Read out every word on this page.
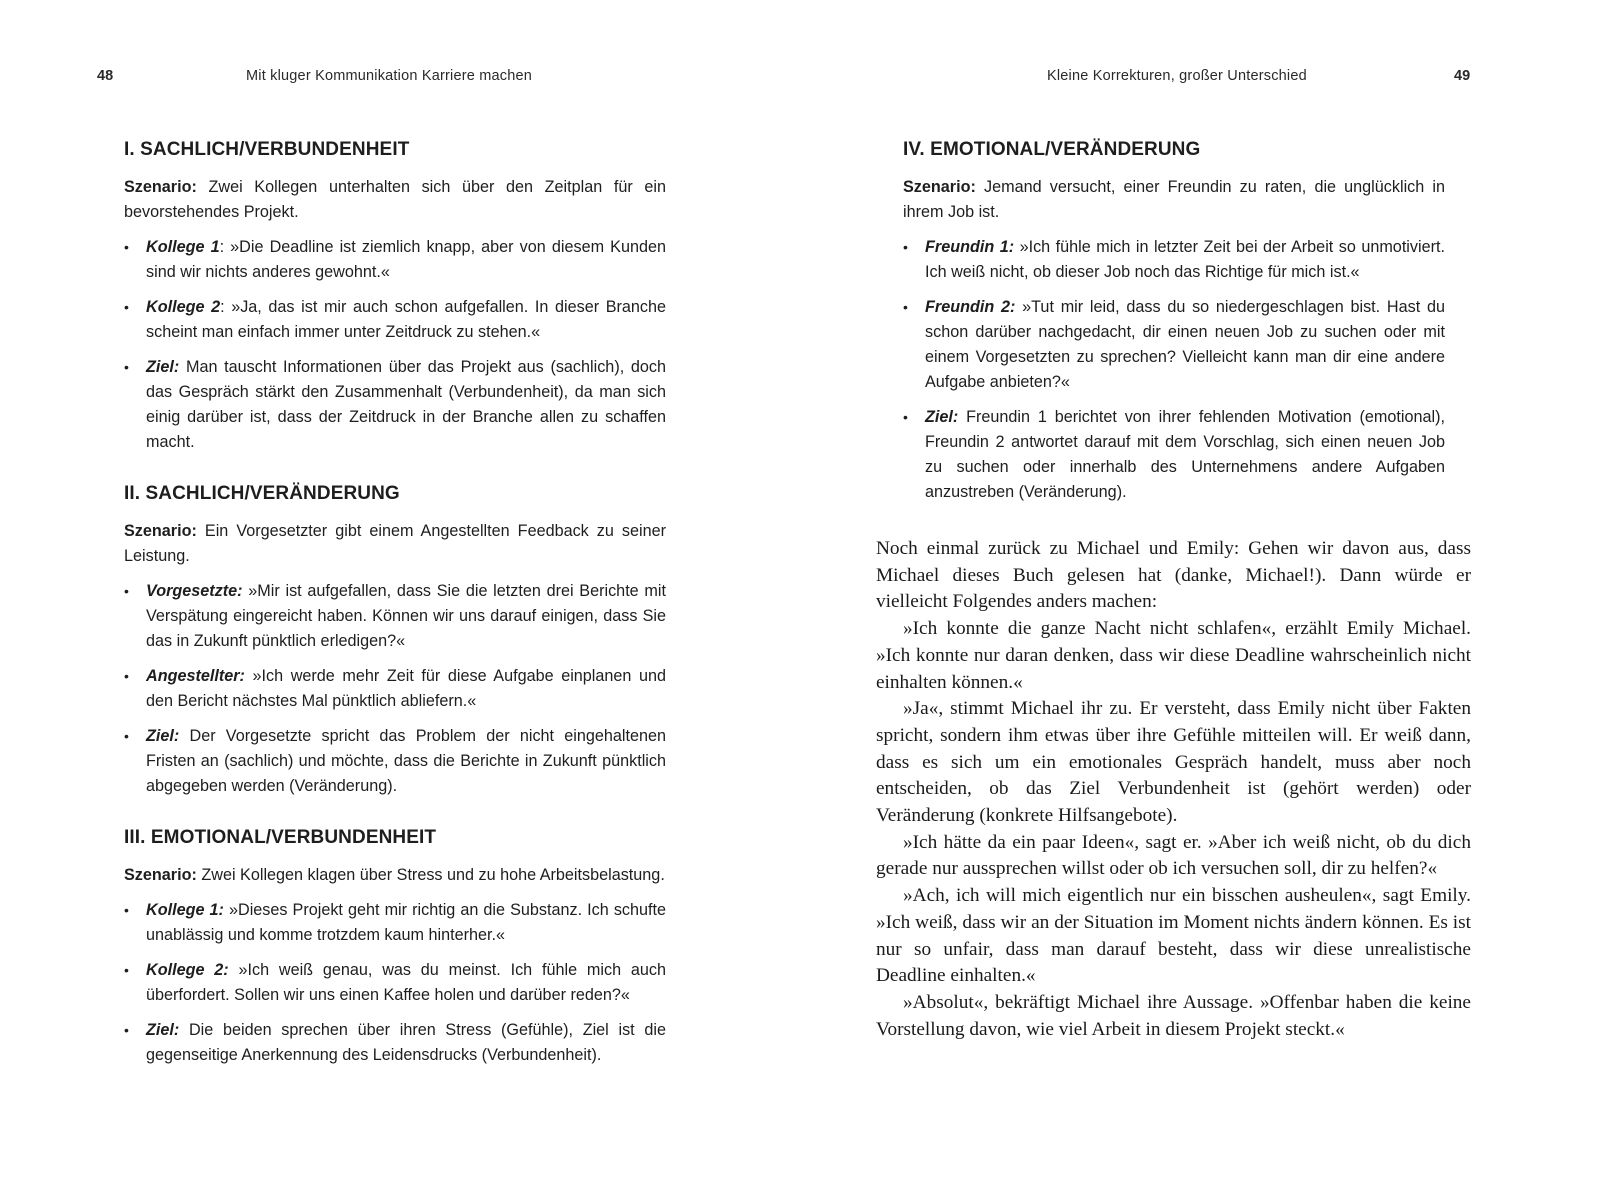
48	Mit kluger Kommunikation Karriere machen	Kleine Korrekturen, großer Unterschied	49
I. SACHLICH/VERBUNDENHEIT
Szenario: Zwei Kollegen unterhalten sich über den Zeitplan für ein bevorstehendes Projekt.
• Kollege 1: »Die Deadline ist ziemlich knapp, aber von diesem Kunden sind wir nichts anderes gewohnt.«
• Kollege 2: »Ja, das ist mir auch schon aufgefallen. In dieser Branche scheint man einfach immer unter Zeitdruck zu stehen.«
• Ziel: Man tauscht Informationen über das Projekt aus (sachlich), doch das Gespräch stärkt den Zusammenhalt (Verbundenheit), da man sich einig darüber ist, dass der Zeitdruck in der Branche allen zu schaffen macht.
II. SACHLICH/VERÄNDERUNG
Szenario: Ein Vorgesetzter gibt einem Angestellten Feedback zu seiner Leistung.
• Vorgesetzte: »Mir ist aufgefallen, dass Sie die letzten drei Berichte mit Verspätung eingereicht haben. Können wir uns darauf einigen, dass Sie das in Zukunft pünktlich erledigen?«
• Angestellter: »Ich werde mehr Zeit für diese Aufgabe einplanen und den Bericht nächstes Mal pünktlich abliefern.«
• Ziel: Der Vorgesetzte spricht das Problem der nicht eingehaltenen Fristen an (sachlich) und möchte, dass die Berichte in Zukunft pünktlich abgegeben werden (Veränderung).
III. EMOTIONAL/VERBUNDENHEIT
Szenario: Zwei Kollegen klagen über Stress und zu hohe Arbeitsbelastung.
• Kollege 1: »Dieses Projekt geht mir richtig an die Substanz. Ich schufte unablässig und komme trotzdem kaum hinterher.«
• Kollege 2: »Ich weiß genau, was du meinst. Ich fühle mich auch überfordert. Sollen wir uns einen Kaffee holen und darüber reden?«
• Ziel: Die beiden sprechen über ihren Stress (Gefühle), Ziel ist die gegenseitige Anerkennung des Leidensdrucks (Verbundenheit).
IV. EMOTIONAL/VERÄNDERUNG
Szenario: Jemand versucht, einer Freundin zu raten, die unglücklich in ihrem Job ist.
• Freundin 1: »Ich fühle mich in letzter Zeit bei der Arbeit so unmotiviert. Ich weiß nicht, ob dieser Job noch das Richtige für mich ist.«
• Freundin 2: »Tut mir leid, dass du so niedergeschlagen bist. Hast du schon darüber nachgedacht, dir einen neuen Job zu suchen oder mit einem Vorgesetzten zu sprechen? Vielleicht kann man dir eine andere Aufgabe anbieten?«
• Ziel: Freundin 1 berichtet von ihrer fehlenden Motivation (emotional), Freundin 2 antwortet darauf mit dem Vorschlag, sich einen neuen Job zu suchen oder innerhalb des Unternehmens andere Aufgaben anzustreben (Veränderung).

Noch einmal zurück zu Michael und Emily: Gehen wir davon aus, dass Michael dieses Buch gelesen hat (danke, Michael!). Dann würde er vielleicht Folgendes anders machen:

»Ich konnte die ganze Nacht nicht schlafen«, erzählt Emily Michael. »Ich konnte nur daran denken, dass wir diese Deadline wahrscheinlich nicht einhalten können.«

»Ja«, stimmt Michael ihr zu. Er versteht, dass Emily nicht über Fakten spricht, sondern ihm etwas über ihre Gefühle mitteilen will. Er weiß dann, dass es sich um ein emotionales Gespräch handelt, muss aber noch entscheiden, ob das Ziel Verbundenheit ist (gehört werden) oder Veränderung (konkrete Hilfsangebote).

»Ich hätte da ein paar Ideen«, sagt er. »Aber ich weiß nicht, ob du dich gerade nur aussprechen willst oder ob ich versuchen soll, dir zu helfen?«

»Ach, ich will mich eigentlich nur ein bisschen ausheulen«, sagt Emily. »Ich weiß, dass wir an der Situation im Moment nichts ändern können. Es ist nur so unfair, dass man darauf besteht, dass wir diese unrealistische Deadline einhalten.«

»Absolut«, bekräftigt Michael ihre Aussage. »Offenbar haben die keine Vorstellung davon, wie viel Arbeit in diesem Projekt steckt.«
